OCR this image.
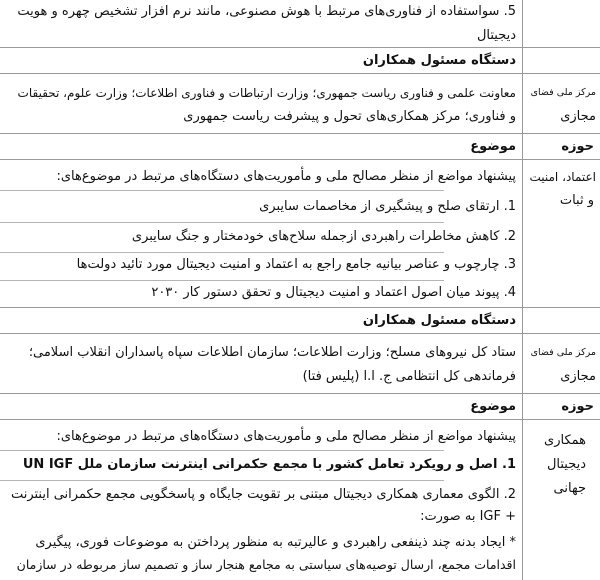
5. سواستفاده از فناوری‌های مرتبط با هوش مصنوعی، مانند نرم افزار تشخیص چهره و هویت
دیجیتال
دستگاه مسئول همکاران
مرکز ملی فضای
مجازی
معاونت علمی و فناوری ریاست جمهوری؛ وزارت ارتباطات و فناوری اطلاعات؛ وزارت علوم، تحقیقات
و فناوری؛ مرکز همکاری‌های تحول و پیشرفت ریاست جمهوری
حوزه
موضوع
اعتماد، امنیت
و ثبات
پیشنهاد مواضع از منظر مصالح ملی و مأموریت‌های دستگاه‌های مرتبط در موضوع‌های:
1. ارتقای صلح و پیشگیری از مخاصمات سایبری
2. کاهش مخاطرات راهبردی ازجمله سلاح‌های خودمختار و جنگ سایبری
3. چارچوب و عناصر بیانیه جامع راجع به اعتماد و امنیت دیجیتال مورد تائید دولت‌ها
4. پیوند میان اصول اعتماد و امنیت دیجیتال و تحقق دستور کار ۲۰۳۰
دستگاه مسئول همکاران
مرکز ملی فضای
مجازی
ستاد کل نیروهای مسلح؛ وزارت اطلاعات؛ سازمان اطلاعات سپاه پاسداران انقلاب اسلامی؛
فرماندهی کل انتظامی ج. ا.ا (پلیس فتا)
حوزه
موضوع
همکاری
دیجیتال
جهانی
پیشنهاد مواضع از منظر مصالح ملی و مأموریت‌های دستگاه‌های مرتبط در موضوع‌های:
1. اصل و رویکرد تعامل کشور با مجمع حکمرانی اینترنت سازمان ملل UN IGF
2. الگوی معماری همکاری دیجیتال مبتنی بر تقویت جایگاه و پاسخگویی مجمع حکمرانی اینترنت
+ IGF به صورت:
* ایجاد بدنه چند ذینفعی راهبردی و عالیرتبه به منظور پرداختن به موضوعات فوری، پیگیری
اقدامات مجمع، ارسال توصیه‌های سیاستی به مجامع هنجار ساز و تصمیم ساز مربوطه در سازمان
